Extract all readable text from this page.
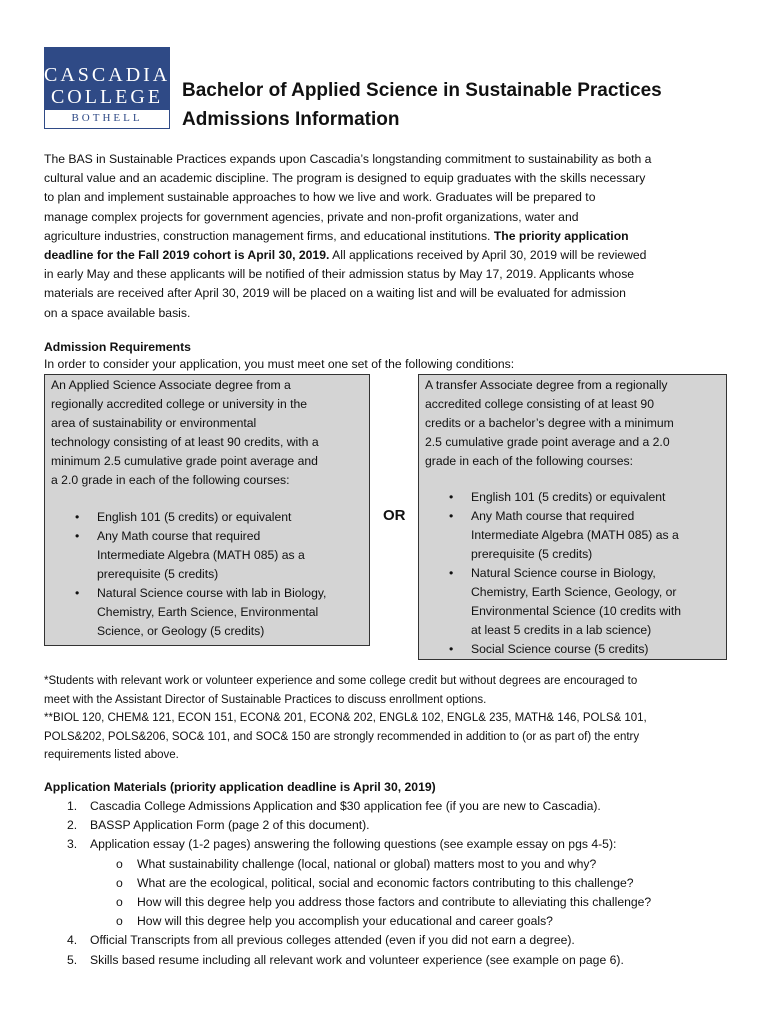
CASCADIA
COLLEGE
BOTHELL
Bachelor of Applied Science in Sustainable Practices
Admissions Information
The BAS in Sustainable Practices expands upon Cascadia’s longstanding commitment to sustainability as both a
cultural value and an academic discipline. The program is designed to equip graduates with the skills necessary
to plan and implement sustainable approaches to how we live and work. Graduates will be prepared to
manage complex projects for government agencies, private and non-profit organizations, water and
agriculture industries, construction management firms, and educational institutions. The priority application
deadline for the Fall 2019 cohort is April 30, 2019. All applications received by April 30, 2019 will be reviewed
in early May and these applicants will be notified of their admission status by May 17, 2019. Applicants whose
materials are received after April 30, 2019 will be placed on a waiting list and will be evaluated for admission
on a space available basis.
Admission Requirements
In order to consider your application, you must meet one set of the following conditions:
An Applied Science Associate degree from a
regionally accredited college or university in the
area of sustainability or environmental
technology consisting of at least 90 credits, with a
minimum 2.5 cumulative grade point average and
a 2.0 grade in each of the following courses:
• English 101 (5 credits) or equivalent
• Any Math course that required
Intermediate Algebra (MATH 085) as a
prerequisite (5 credits)
• Natural Science course with lab in Biology,
Chemistry, Earth Science, Environmental
Science, or Geology (5 credits)
OR
A transfer Associate degree from a regionally
accredited college consisting of at least 90
credits or a bachelor’s degree with a minimum
2.5 cumulative grade point average and a 2.0
grade in each of the following courses:
• English 101 (5 credits) or equivalent
• Any Math course that required
Intermediate Algebra (MATH 085) as a
prerequisite (5 credits)
• Natural Science course in Biology,
Chemistry, Earth Science, Geology, or
Environmental Science (10 credits with
at least 5 credits in a lab science)
• Social Science course (5 credits)
*Students with relevant work or volunteer experience and some college credit but without degrees are encouraged to
meet with the Assistant Director of Sustainable Practices to discuss enrollment options.
**BIOL 120, CHEM& 121, ECON 151, ECON& 201, ECON& 202, ENGL& 102, ENGL& 235, MATH& 146, POLS& 101,
POLS&202, POLS&206, SOC& 101, and SOC& 150 are strongly recommended in addition to (or as part of) the entry
requirements listed above.
Application Materials (priority application deadline is April 30, 2019)
1. Cascadia College Admissions Application and $30 application fee (if you are new to Cascadia).
2. BASSP Application Form (page 2 of this document).
3. Application essay (1-2 pages) answering the following questions (see example essay on pgs 4-5):
o What sustainability challenge (local, national or global) matters most to you and why?
o What are the ecological, political, social and economic factors contributing to this challenge?
o How will this degree help you address those factors and contribute to alleviating this challenge?
o How will this degree help you accomplish your educational and career goals?
4. Official Transcripts from all previous colleges attended (even if you did not earn a degree).
5. Skills based resume including all relevant work and volunteer experience (see example on page 6).
